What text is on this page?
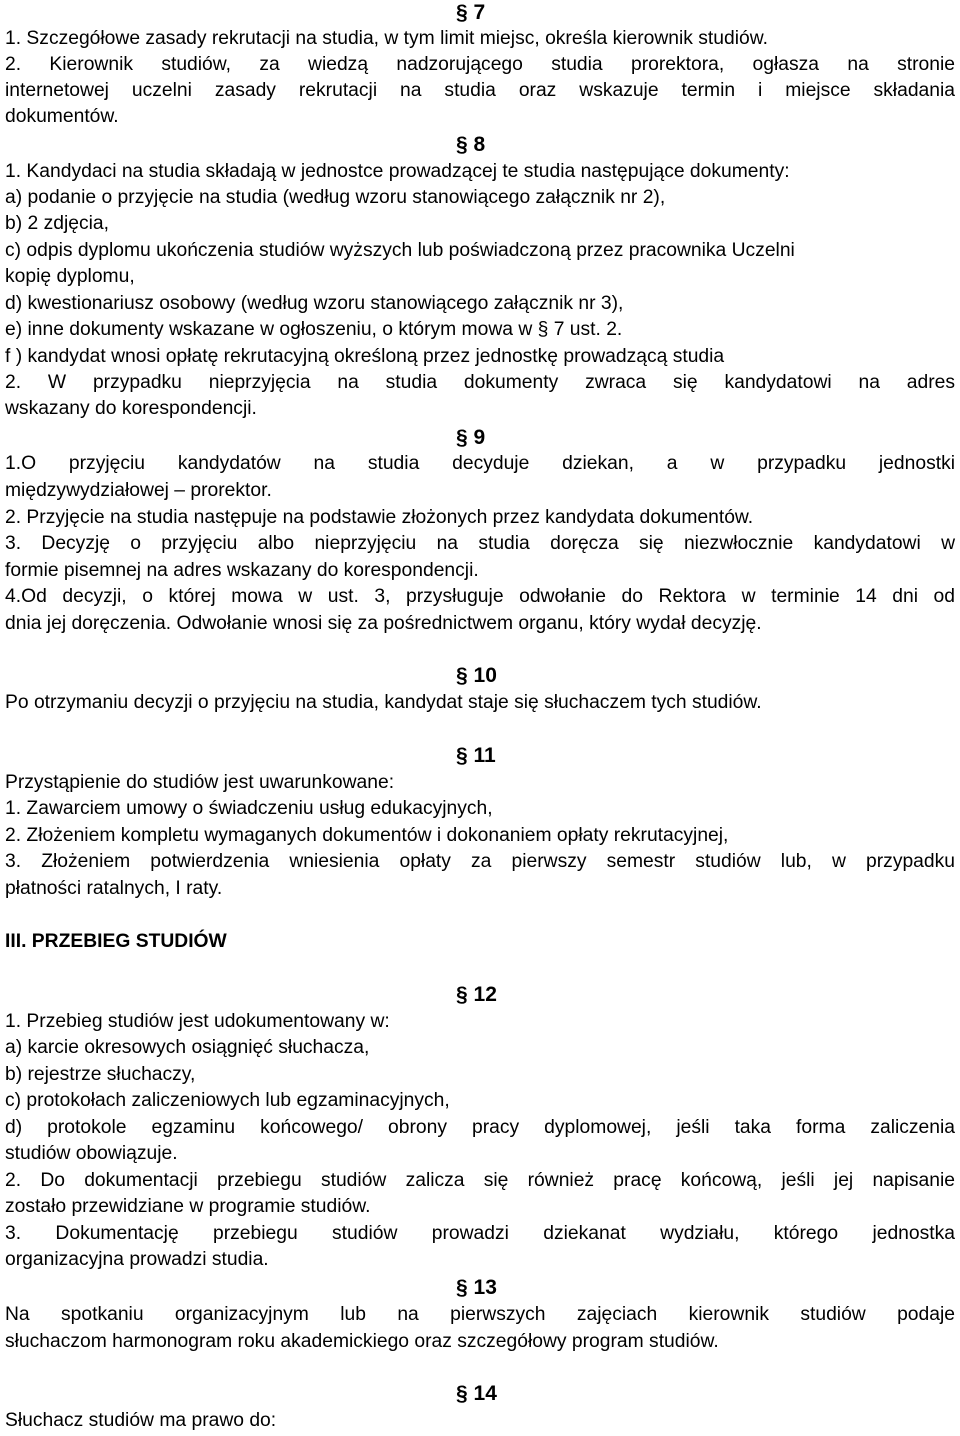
§ 7
1. Szczegółowe zasady rekrutacji na studia, w tym limit miejsc, określa kierownik studiów.
2. Kierownik studiów, za wiedzą nadzorującego studia prorektora, ogłasza na stronie
internetowej uczelni zasady rekrutacji na studia oraz wskazuje termin i miejsce składania
dokumentów.
§ 8
1. Kandydaci na studia składają w jednostce prowadzącej te studia następujące dokumenty:
a) podanie o przyjęcie na studia (według wzoru stanowiącego załącznik nr 2),
b) 2 zdjęcia,
c) odpis dyplomu ukończenia studiów wyższych lub poświadczoną przez pracownika Uczelni
kopię dyplomu,
d) kwestionariusz osobowy (według wzoru stanowiącego załącznik nr 3),
e) inne dokumenty wskazane w ogłoszeniu, o którym mowa w § 7 ust. 2.
f ) kandydat wnosi opłatę rekrutacyjną określoną przez jednostkę prowadzącą studia
2. W przypadku nieprzyjęcia na studia dokumenty zwraca się kandydatowi na adres
wskazany do korespondencji.
§ 9
1.O przyjęciu kandydatów na studia decyduje dziekan, a w przypadku jednostki
międzywydziałowej – prorektor.
2. Przyjęcie na studia następuje na podstawie złożonych przez kandydata dokumentów.
3. Decyzję o przyjęciu albo nieprzyjęciu na studia doręcza się niezwłocznie kandydatowi w
formie pisemnej na adres wskazany do korespondencji.
4.Od decyzji, o której mowa w ust. 3, przysługuje odwołanie do Rektora w terminie 14 dni od
dnia jej doręczenia. Odwołanie wnosi się za pośrednictwem organu, który wydał decyzję.
§ 10
Po otrzymaniu decyzji o przyjęciu na studia, kandydat staje się słuchaczem tych studiów.
§ 11
Przystąpienie do studiów jest uwarunkowane:
1. Zawarciem umowy o świadczeniu usług edukacyjnych,
2. Złożeniem kompletu wymaganych dokumentów i dokonaniem opłaty rekrutacyjnej,
3. Złożeniem potwierdzenia wniesienia opłaty za pierwszy semestr studiów lub, w przypadku
płatności ratalnych, I raty.
III. PRZEBIEG STUDIÓW
§ 12
1. Przebieg studiów jest udokumentowany w:
a) karcie okresowych osiągnięć słuchacza,
b) rejestrze słuchaczy,
c) protokołach zaliczeniowych lub egzaminacyjnych,
d) protokole egzaminu końcowego/ obrony pracy dyplomowej, jeśli taka forma zaliczenia
studiów obowiązuje.
2. Do dokumentacji przebiegu studiów zalicza się również pracę końcową, jeśli jej napisanie
zostało przewidziane w programie studiów.
3. Dokumentację przebiegu studiów prowadzi dziekanat wydziału, którego jednostka
organizacyjna prowadzi studia.
§ 13
Na spotkaniu organizacyjnym lub na pierwszych zajęciach kierownik studiów podaje
słuchaczom harmonogram roku akademickiego oraz szczegółowy program studiów.
§ 14
Słuchacz studiów ma prawo do:
